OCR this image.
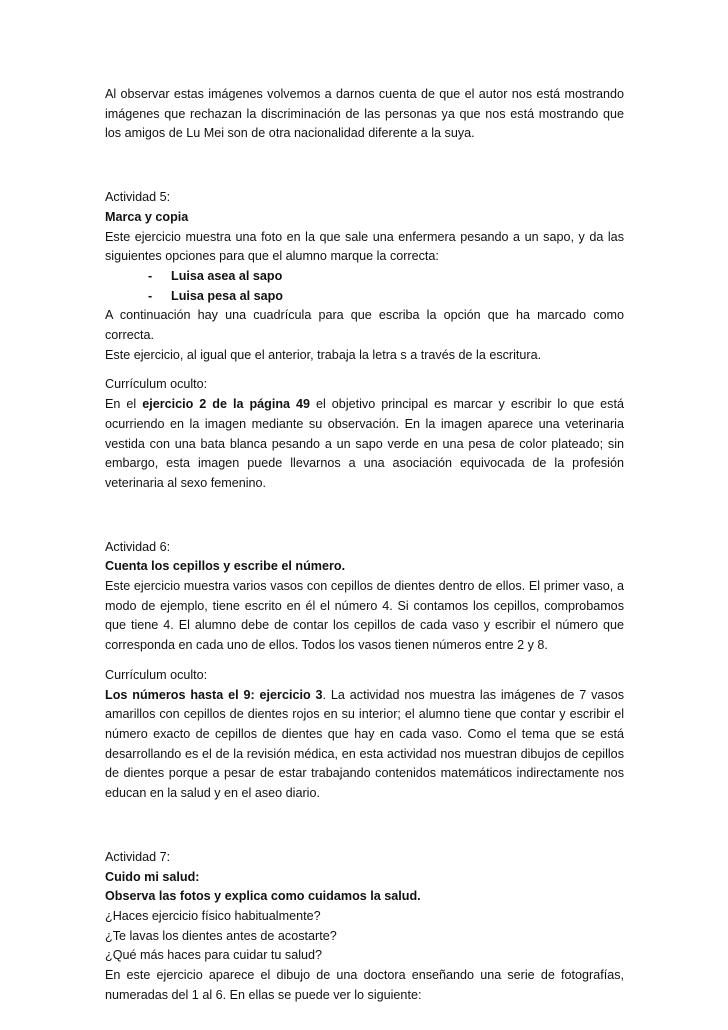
Al observar estas imágenes volvemos a darnos cuenta de que el autor nos está mostrando imágenes que rechazan la discriminación de las personas ya que nos está mostrando que los amigos de Lu Mei son de otra nacionalidad diferente a la suya.

Actividad 5:

Marca y copia

Este ejercicio muestra una foto en la que sale una enfermera pesando a un sapo, y da las siguientes opciones para que el alumno marque la correcta:

- Luisa asea al sapo

- Luisa pesa al sapo

A continuación hay una cuadrícula para que escriba la opción que ha marcado como correcta.

Este ejercicio, al igual que el anterior, trabaja la letra s a través de la escritura.

Currículum oculto:

En el ejercicio 2 de la página 49 el objetivo principal es marcar y escribir lo que está ocurriendo en la imagen mediante su observación. En la imagen aparece una veterinaria vestida con una bata blanca pesando a un sapo verde en una pesa de color plateado; sin embargo, esta imagen puede llevarnos a una asociación equivocada de la profesión veterinaria al sexo femenino.

Actividad 6:

Cuenta los cepillos y escribe el número.

Este ejercicio muestra varios vasos con cepillos de dientes dentro de ellos. El primer vaso, a modo de ejemplo, tiene escrito en él el número 4. Si contamos los cepillos, comprobamos que tiene 4. El alumno debe de contar los cepillos de cada vaso y escribir el número que corresponda en cada uno de ellos. Todos los vasos tienen números entre 2 y 8.

Currículum oculto:

Los números hasta el 9: ejercicio 3. La actividad nos muestra las imágenes de 7 vasos amarillos con cepillos de dientes rojos en su interior; el alumno tiene que contar y escribir el número exacto de cepillos de dientes que hay en cada vaso. Como el tema que se está desarrollando es el de la revisión médica, en esta actividad nos muestran dibujos de cepillos de dientes porque a pesar de estar trabajando contenidos matemáticos indirectamente nos educan en la salud y en el aseo diario.

Actividad 7:

Cuido mi salud:

Observa las fotos y explica como cuidamos la salud.

¿Haces ejercicio físico habitualmente?

¿Te lavas los dientes antes de acostarte?

¿Qué más haces para cuidar tu salud?

En este ejercicio aparece el dibujo de una doctora enseñando una serie de fotografías, numeradas del 1 al 6. En ellas se puede ver lo siguiente:
